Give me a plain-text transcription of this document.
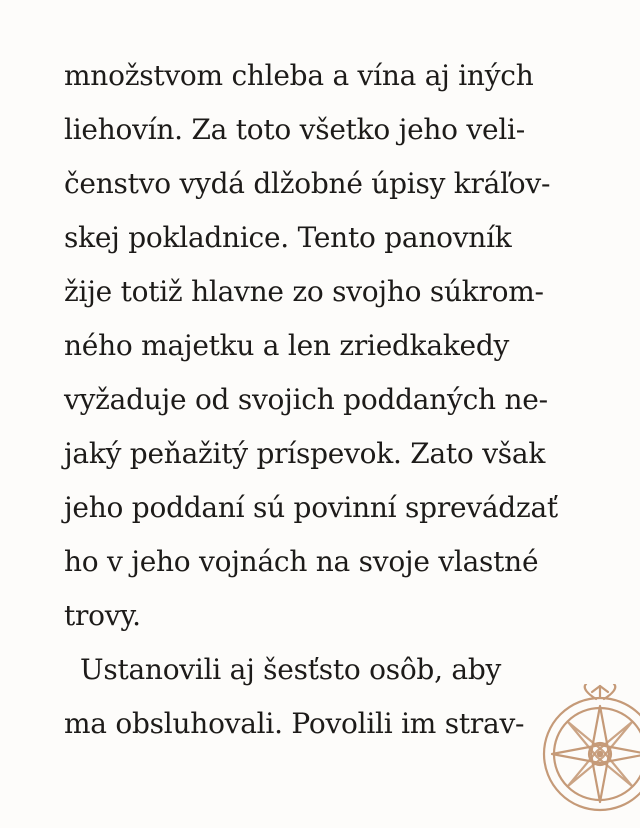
množstvom chleba a vína aj iných
liehovín. Za toto všetko jeho veli-
čenstvo vydá dlžobné úpisy kráľov-
skej pokladnice. Tento panovník
žije totiž hlavne zo svojho súkrom-
ného majetku a len zriedkakedy
vyžaduje od svojich poddaných ne-
jaký peňažitý príspevok. Zato však
jeho poddaní sú povinní sprevádzať
ho v jeho vojnách na svoje vlastné
trovy.
Ustanovili aj šesťsto osôb, aby
ma obsluhovali. Povolili im strav-
